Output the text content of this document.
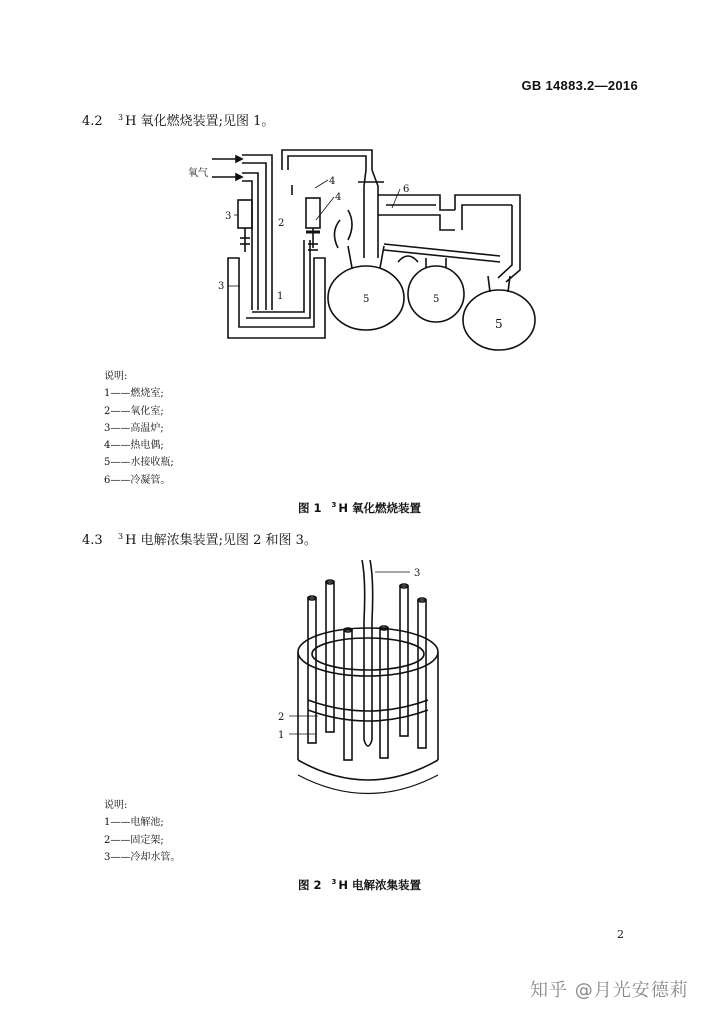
GB 14883.2—2016
4.2 $^3$ H 氧化燃烧装置;见图 1。
氧气
1
2
3
3
4
4
5	5
5
6
说明:
1——燃烧室;
2——氧化室;
3——高温炉;
4——热电偶;
5——水接收瓶;
6——冷凝管。
图 1 $^3$ H 氧化燃烧装置
4.3 $^3$ H 电解浓集装置;见图 2 和图 3。
2
1
3
说明:
1——电解池;
2——固定架;
3——冷却水管。
图 2 $^3$ H 电解浓集装置
2
知乎 @月光安德莉
